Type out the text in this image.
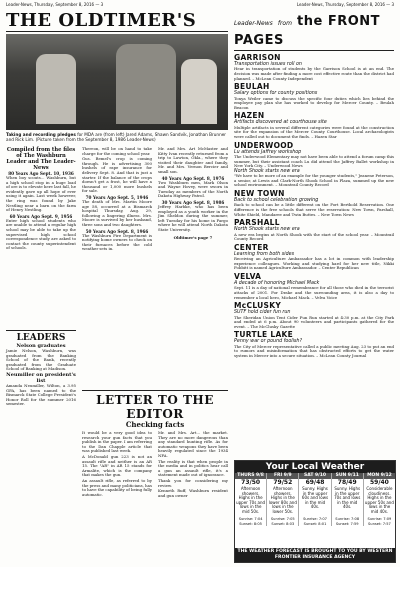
Leader-News, Thursday, September 8, 2016 — 3	Leader-News, Thursday, September 8, 2016 — 3
THE OLDTIMER'S
Taking and recording pledges for MDA are (from left) Jared Adams, Shawn Sandvik, Jonathan Brunner and Rick Lim. (Picture taken from the September 8, 1986 Leader-News)
Compiled from the files of The Washburn Leader and The Leader-News
80 Years Ago Sept. 10, 1936

When boy scouts... Washburn, but a high school stop in a huge load of ore is to elevate here last fall, he evidently gave up all hope of ever using it again. Last week however, the ring was found by Jake Nestling near a barn on the farm of Henry Nestling.

60 Years Ago Sept. 9, 1956

Enter high school students who are unable to attend a regular high school may be able to take up the supervised high school correspondence study are asked to contact the county superintendent of schools.

Thereon, will be on hand to take charge for the coming school year.

Gus. Bemel's crop is coming through. He is advertising 300 bushels of rape insurance for delivery Sept. 8. And that is just a starter. If the balance of the crops doesn't get a frost, he will have a thousand or 1,000 more bushels for sale.

70 Years Ago Sept. 5, 1946

The death of Mrs. Martin Moore age 58, occurred at a Bismarck hospital Thursday, Aug. 29, following a lingering illness. Mrs. Moore is survived by her husband, three sons and two daughters.

50 Years Ago Sept. 8, 1966

The Washburn Fire Department is notifying home owners to check on their furnaces before the cold weather sets in.

Mr. and Mrs. Art McMaster and Kitty Ivan recently returned from a trip to Lawton, Okla., where they visited their daughter and family, Mr. and Mrs. Vernon Bercier and small son.

40 Years Ago Sept. 8, 1976

Two Washburn men, Mark Olson and Wayne Hovey, were sworn in Tuesday as members of the North Dakota Highway Patrol.

30 Years Ago Sept. 8, 1986

Jeffrey Harbke, who has been employed as a youth worker in the Jim Sheldon during the summer, left Tuesday for his home in Fargo where he will attend North Dakota State University.

Oldtimer's page 7
LEADERS
Nelson graduates

Jamie Nelson, Washburn, was graduated from the Banking School of the Bank, recently graduated from the Graduate School of Banking at Madison.

Neumiller on president's list

Amanda Neumiller, Wilton, a 3.95 GPA, has been named to the Bismarck State College President's Honor Roll for the summer 2016 semester.	LETTER TO THE EDITOR
Checking facts

It would be a very good idea to research your gun facts that you publish in the paper. I am referring to the Dan Chapple article that was published last week.

A McDonald gun 223 is not an assault rifle and neither is an AR 15. The "AR" in AR 15 stands for Armalite, which is the company that makes the gun.

An assault rifle, as referred to by the press and many politicians, has to have the capability of being fully automatic.

Mr. and Mrs. Art... the market. They are no more dangerous than any standard hunting rifle. As for automatic weapons they have been heavily regulated since the 1934 NFA.

The reality is that when people in the media and in politics hear call a gun an assault rifle, it's a statement made out of ignorance.

Thank you for considering my review.

Kenneth Ruff, Washburn resident and gun owner

Leader-News from the FRONT PAGES
GARRISON
Transportation issues roll on
Hear in transportation of students by the Garrison School is at an end. The decision was made after finding a more cost effective route than the district had planned. – McLean County Independent
BEULAH
Salary options for county positions
Tonya Weiler came to discuss the specific four duties which lies behind the employee pay plan she has worked to develop for Mercer County. – Beulah Beacon
HAZEN
Artifacts discovered at courthouse site
Multiple artifacts in several different categories were found at the construction site for the expansion of the Mercer County Courthouse. Local archaeologists were called out to document the finds. – Hazen Star
UNDERWOOD
Lu attends Jaffrey workshop
The Underwood Elementary may not have been able to attend a forum camp this summer, but their assistant coach Lu did attend the Jaffrey Ballet workshop in New York City. – Underwood News
North Shook starts new era
"We have to be more of an example for the younger students," Jeanene Peterson, a senior, at Lewis and Clark-North Shook School in Plaza, summed up the new school environment. – Mountrail County Record
NEW TOWN
Back to school celebration growing
Back to school can be a little different on the Fort Berthold Reservation. One difference is the free schools that serve the reservation: New Town, Parshall, White Shield, Mandaree and Twin Buttes. – New Town News
PARSHALL
North Shook starts new era
A new era begins at North Shook with the start of the school year. – Mountrail County Record
CENTER
Learning from both sides
Receiving an Agriculture Ambassador has a lot in common with leadership experience colleagues. Working and studying hard for her new title, Nikki Fobbitt is named Agriculture Ambassador. – Center Republican
VELVA
A decade of honoring Michael Mack
Sept. 11 is a day of national remembrance for all those who died in the terrorist attacks of 2001. For Drake and the surrounding area, it is also a day to remember a local hero, Michael Mack. – Velva Voice
McCLUSKY
SUTF hold cider fun run
The Sheridan Union Tent Cider Fun Run started at 4:30 p.m. at the City Park and ended at 6 p.m. About 90 volunteers and participants gathered for the event. – The McClusky Gazette
TURTLE LAKE
Penny war or pound foolish?
The City of Mercer representative called a public meeting Aug. 23 to put an end to rumors and misinformation that has obstructed efforts to get the water system in Mercer into a secure situation. – McLean County Journal
Your Local Weather
THURS 9/8
73/50
Afternoon showers. Highs in the upper 70s and lows in the mid 50s.
Sunrise: 7:04 Sunset: 8:05
FRI 9/9
79/52
Afternoon showers. Highs in the lower 80s and lows in the lower 50s.
Sunrise: 7:05 Sunset: 8:03
SAT 9/10
69/48
Sunny. Highs in the upper 60s and lows in the mid 40s.
Sunrise: 7:07 Sunset: 8:01
SUN 9/11
78/49
Sunny. Highs in the upper 70s and lows in the mid 40s.
Sunrise: 7:08 Sunset: 7:59
MON 9/12
59/40
Considerable cloudiness. Highs in the upper 50s and lows in the mid 40s.
Sunrise: 7:09 Sunset: 7:57
THE WEATHER FORECAST IS BROUGHT TO YOU BY WESTERN FRONTIER INSURANCE AGENCY
